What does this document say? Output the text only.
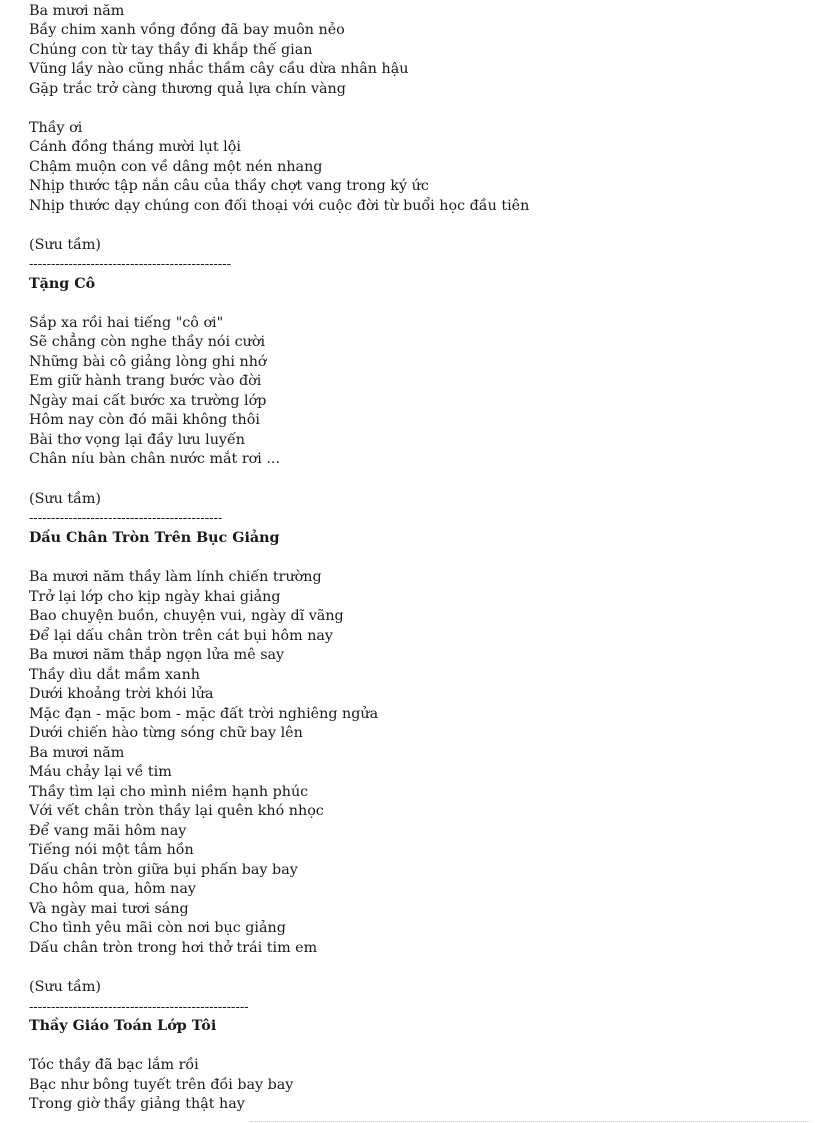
Ba mươi năm
Bầy chim xanh vồng đồng đã bay muôn nẻo
Chúng con từ tay thầy đi khắp thế gian
Vũng lầy nào cũng nhắc thầm cây cầu dừa nhân hậu
Gặp trắc trở càng thương quả lựa chín vàng
Thầy ơi
Cánh đồng tháng mười lụt lội
Chậm muộn con về dâng một nén nhang
Nhịp thước tập nắn câu của thầy chợt vang trong ký ức
Nhịp thước dạy chúng con đối thoại với cuộc đời từ buổi học đầu tiên
(Sưu tầm)
----------------------------------------------
Tặng Cô
Sắp xa rồi hai tiếng "cô ơi"
Sẽ chẳng còn nghe thầy nói cười
Những bài cô giảng lòng ghi nhớ
Em giữ hành trang bước vào đời
Ngày mai cất bước xa trường lớp
Hôm nay còn đó mãi không thôi
Bài thơ vọng lại đầy lưu luyến
Chân níu bàn chân nước mắt rơi ...
(Sưu tầm)
--------------------------------------------
Dấu Chân Tròn Trên Bục Giảng
Ba mươi năm thầy làm lính chiến trường
Trở lại lớp cho kịp ngày khai giảng
Bao chuyện buồn, chuyện vui, ngày dĩ vãng
Để lại dấu chân tròn trên cát bụi hôm nay
Ba mươi năm thắp ngọn lửa mê say
Thầy dìu dắt mầm xanh
Dưới khoảng trời khói lửa
Mặc đạn - mặc bom - mặc đất trời nghiêng ngửa
Dưới chiến hào từng sóng chữ bay lên
Ba mươi năm
Máu chảy lại về tim
Thầy tìm lại cho mình niềm hạnh phúc
Với vết chân tròn thầy lại quên khó nhọc
Để vang mãi hôm nay
Tiếng nói một tâm hồn
Dấu chân tròn giữa bụi phấn bay bay
Cho hôm qua, hôm nay
Và ngày mai tươi sáng
Cho tình yêu mãi còn nơi bục giảng
Dấu chân tròn trong hơi thở trái tim em
(Sưu tầm)
--------------------------------------------------
Thầy Giáo Toán Lớp Tôi
Tóc thầy đã bạc lắm rồi
Bạc như bông tuyết trên đồi bay bay
Trong giờ thầy giảng thật hay
